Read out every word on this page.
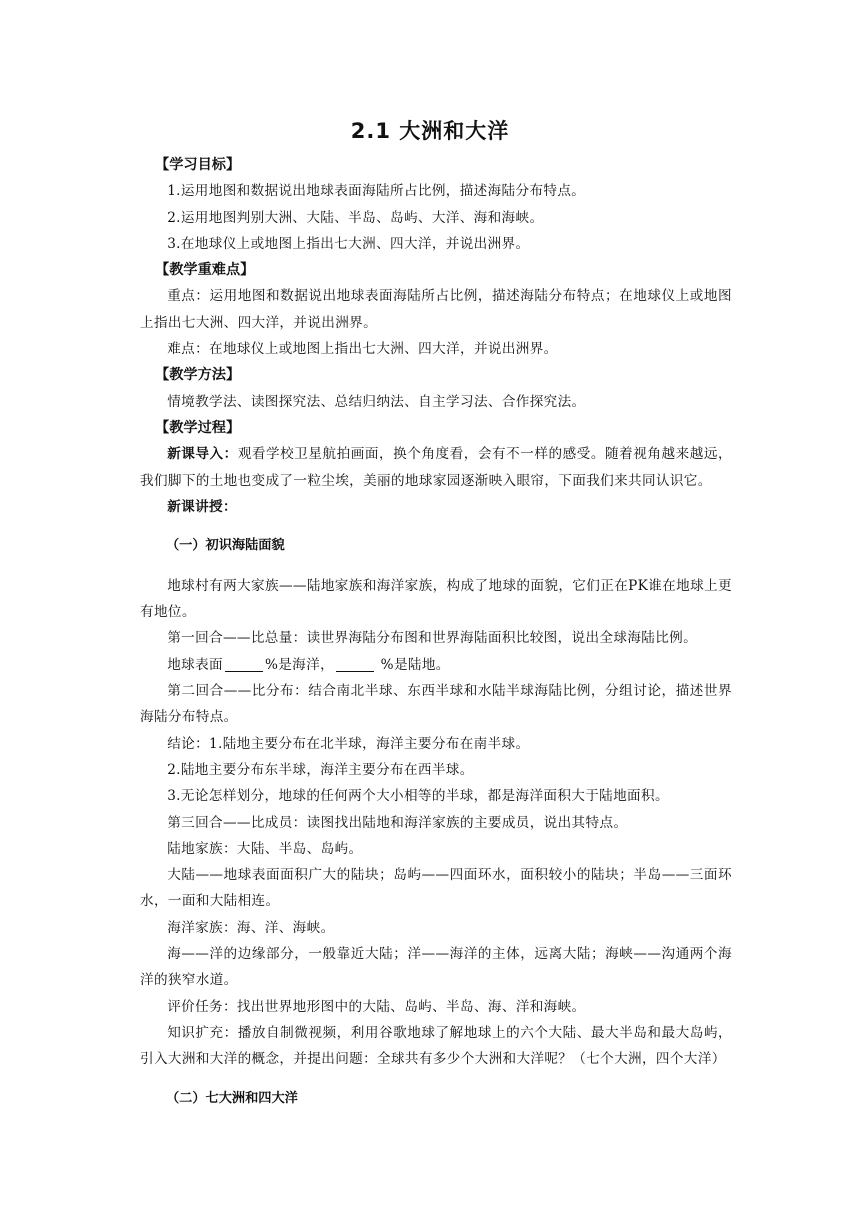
2.1 大洲和大洋

【学习目标】

1.运用地图和数据说出地球表面海陆所占比例，描述海陆分布特点。

2.运用地图判别大洲、大陆、半岛、岛屿、大洋、海和海峡。

3.在地球仪上或地图上指出七大洲、四大洋，并说出洲界。

【教学重难点】

重点：运用地图和数据说出地球表面海陆所占比例，描述海陆分布特点；在地球仪上或地图上指出七大洲、四大洋，并说出洲界。

难点：在地球仪上或地图上指出七大洲、四大洋，并说出洲界。

【教学方法】

情境教学法、读图探究法、总结归纳法、自主学习法、合作探究法。

【教学过程】

新课导入：观看学校卫星航拍画面，换个角度看，会有不一样的感受。随着视角越来越远，我们脚下的土地也变成了一粒尘埃，美丽的地球家园逐渐映入眼帘，下面我们来共同认识它。

新课讲授：

（一）初识海陆面貌

地球村有两大家族——陆地家族和海洋家族，构成了地球的面貌，它们正在PK谁在地球上更有地位。

第一回合——比总量：读世界海陆分布图和世界海陆面积比较图，说出全球海陆比例。

地球表面	%是海洋，	%是陆地。

第二回合——比分布：结合南北半球、东西半球和水陆半球海陆比例，分组讨论，描述世界海陆分布特点。

结论：1.陆地主要分布在北半球，海洋主要分布在南半球。

2.陆地主要分布东半球，海洋主要分布在西半球。

3.无论怎样划分，地球的任何两个大小相等的半球，都是海洋面积大于陆地面积。

第三回合——比成员：读图找出陆地和海洋家族的主要成员，说出其特点。

陆地家族：大陆、半岛、岛屿。

大陆——地球表面面积广大的陆块；岛屿——四面环水，面积较小的陆块；半岛——三面环水，一面和大陆相连。

海洋家族：海、洋、海峡。

海——洋的边缘部分，一般靠近大陆；洋——海洋的主体，远离大陆；海峡——沟通两个海洋的狭窄水道。

评价任务：找出世界地形图中的大陆、岛屿、半岛、海、洋和海峡。

知识扩充：播放自制微视频，利用谷歌地球了解地球上的六个大陆、最大半岛和最大岛屿，引入大洲和大洋的概念，并提出问题：全球共有多少个大洲和大洋呢？（七个大洲，四个大洋）

（二）七大洲和四大洋
